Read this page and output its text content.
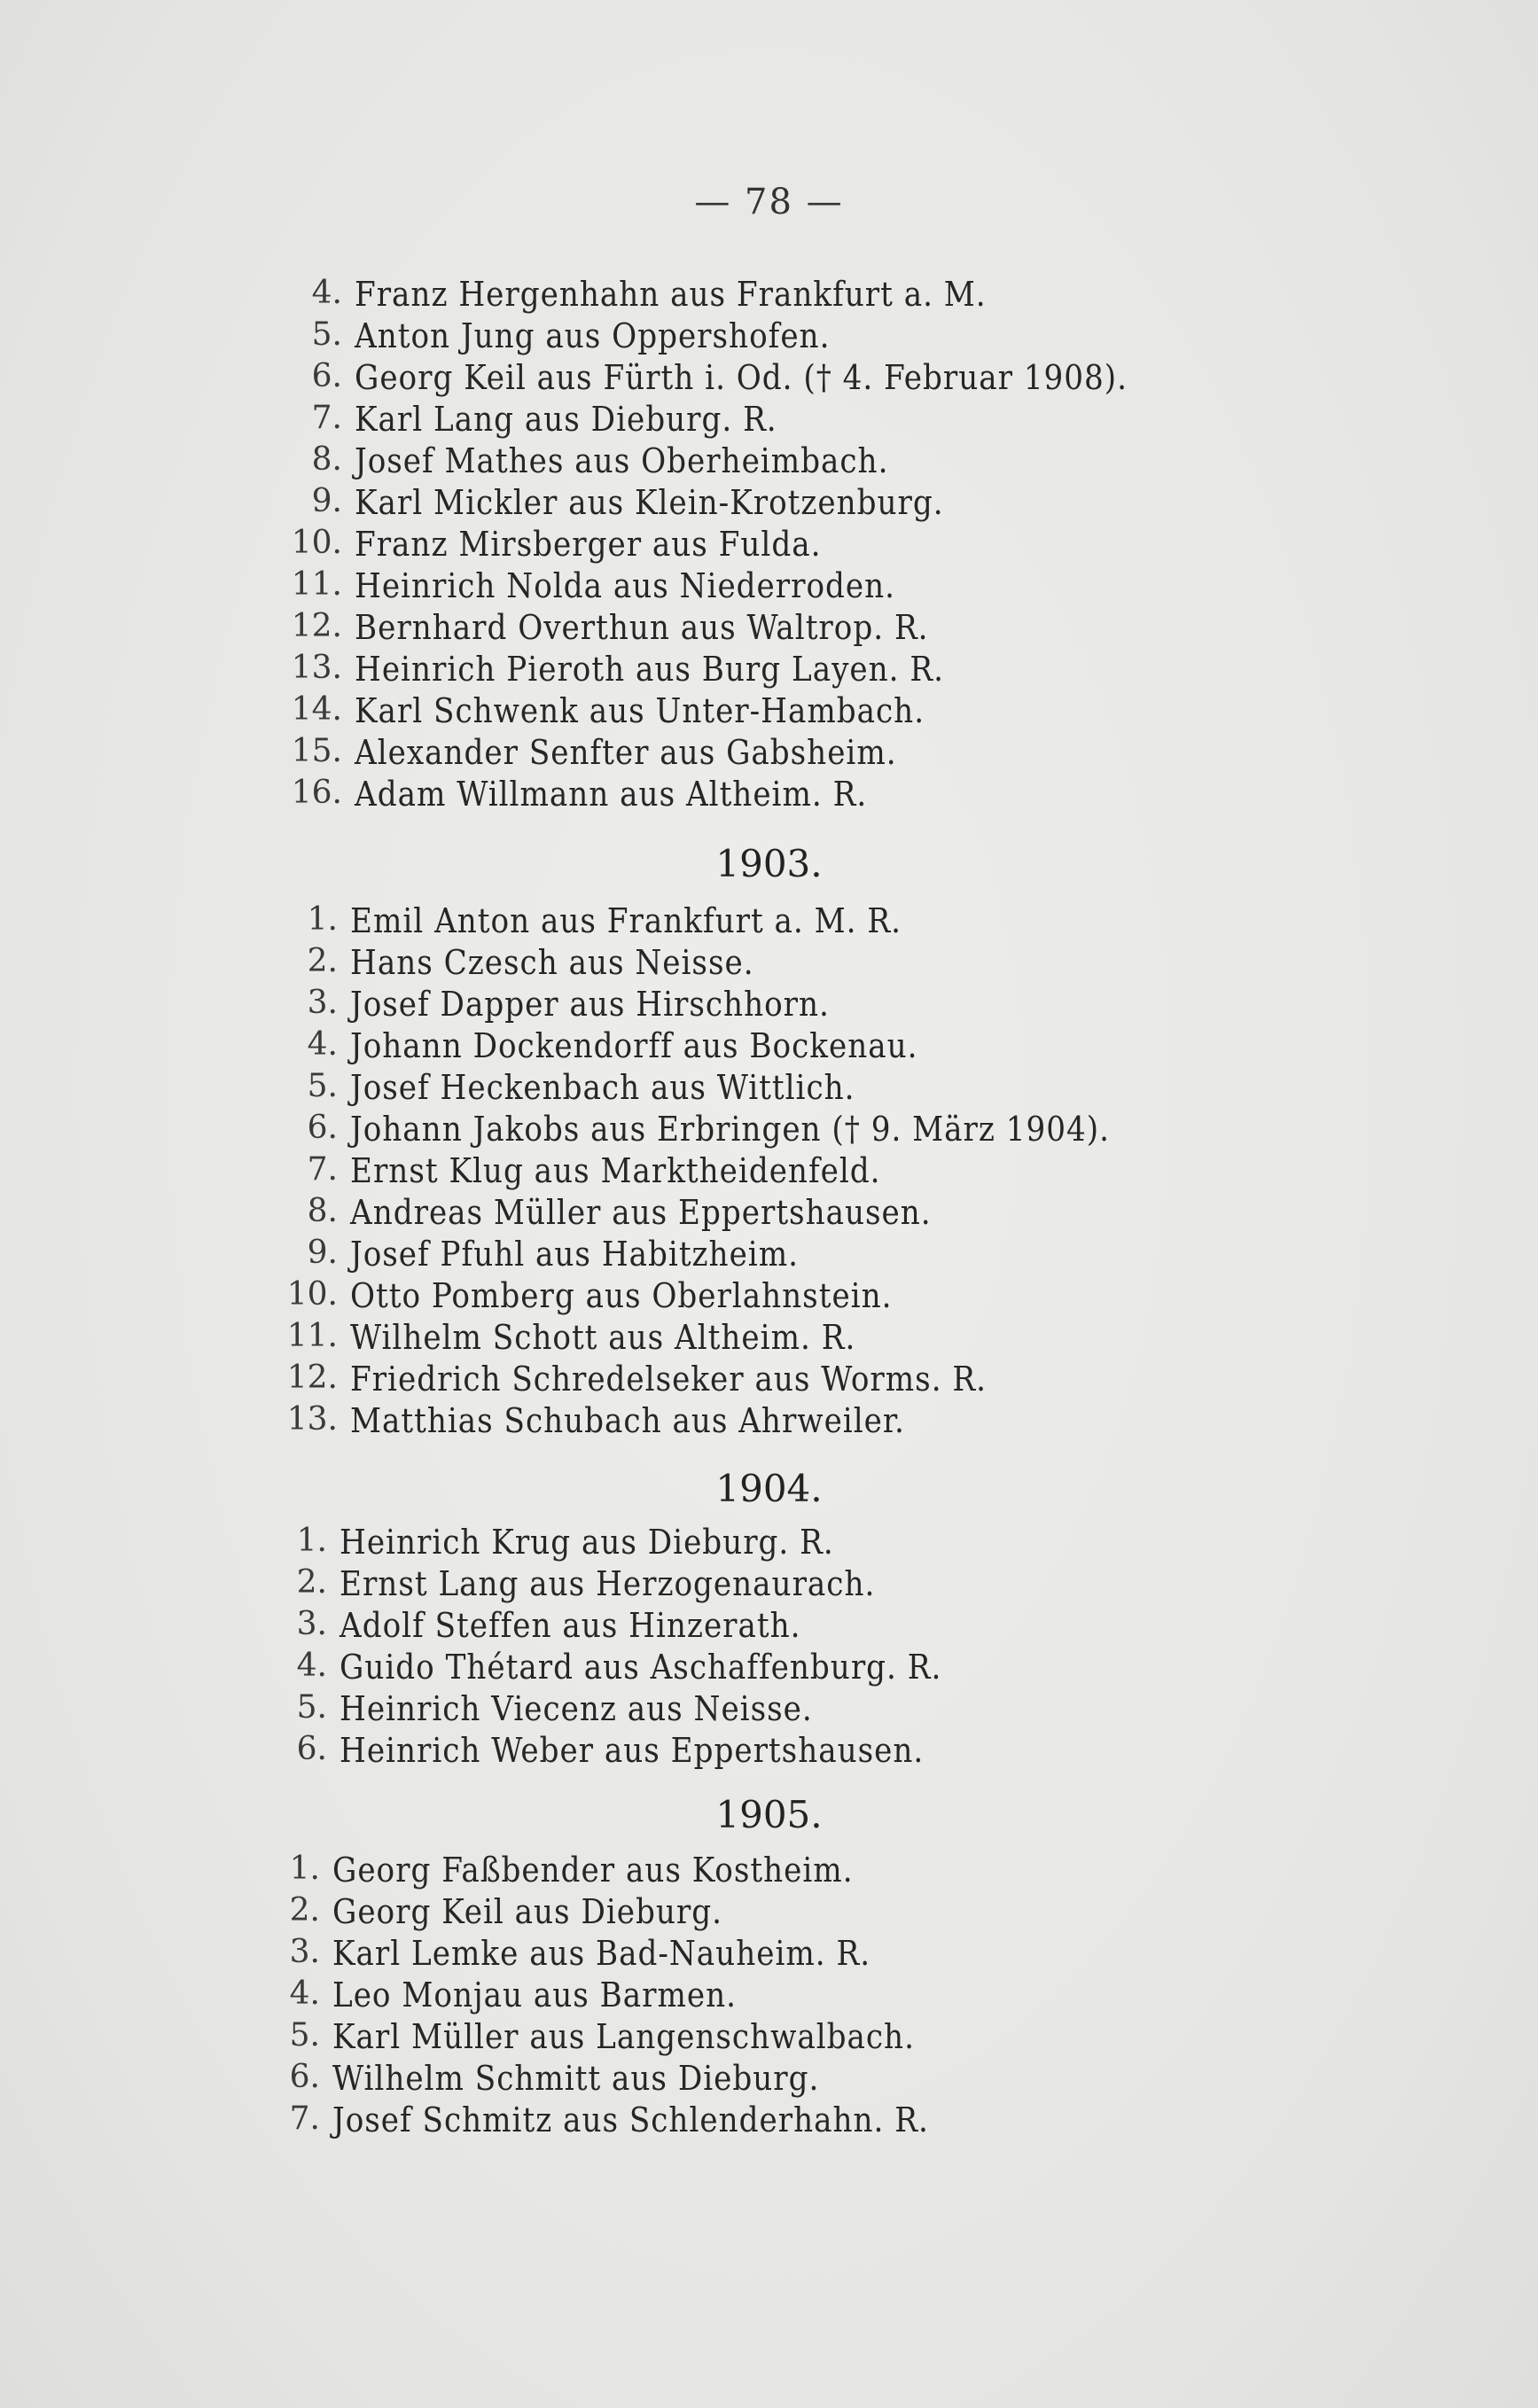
— 78 —
4. Franz Hergenhahn aus Frankfurt a. M.
5. Anton Jung aus Oppershofen.
6. Georg Keil aus Fürth i. Od. († 4. Februar 1908).
7. Karl Lang aus Dieburg. R.
8. Josef Mathes aus Oberheimbach.
9. Karl Mickler aus Klein-Krotzenburg.
10. Franz Mirsberger aus Fulda.
11. Heinrich Nolda aus Niederroden.
12. Bernhard Overthun aus Waltrop. R.
13. Heinrich Pieroth aus Burg Layen. R.
14. Karl Schwenk aus Unter-Hambach.
15. Alexander Senfter aus Gabsheim.
16. Adam Willmann aus Altheim. R.
1903.
1. Emil Anton aus Frankfurt a. M. R.
2. Hans Czesch aus Neisse.
3. Josef Dapper aus Hirschhorn.
4. Johann Dockendorff aus Bockenau.
5. Josef Heckenbach aus Wittlich.
6. Johann Jakobs aus Erbringen († 9. März 1904).
7. Ernst Klug aus Marktheidenfeld.
8. Andreas Müller aus Eppertshausen.
9. Josef Pfuhl aus Habitzheim.
10. Otto Pomberg aus Oberlahnstein.
11. Wilhelm Schott aus Altheim. R.
12. Friedrich Schredelseker aus Worms. R.
13. Matthias Schubach aus Ahrweiler.
1904.
1. Heinrich Krug aus Dieburg. R.
2. Ernst Lang aus Herzogenaurach.
3. Adolf Steffen aus Hinzerath.
4. Guido Thétard aus Aschaffenburg. R.
5. Heinrich Viecenz aus Neisse.
6. Heinrich Weber aus Eppertshausen.
1905.
1. Georg Faßbender aus Kostheim.
2. Georg Keil aus Dieburg.
3. Karl Lemke aus Bad-Nauheim. R.
4. Leo Monjau aus Barmen.
5. Karl Müller aus Langenschwalbach.
6. Wilhelm Schmitt aus Dieburg.
7. Josef Schmitz aus Schlenderhahn. R.
